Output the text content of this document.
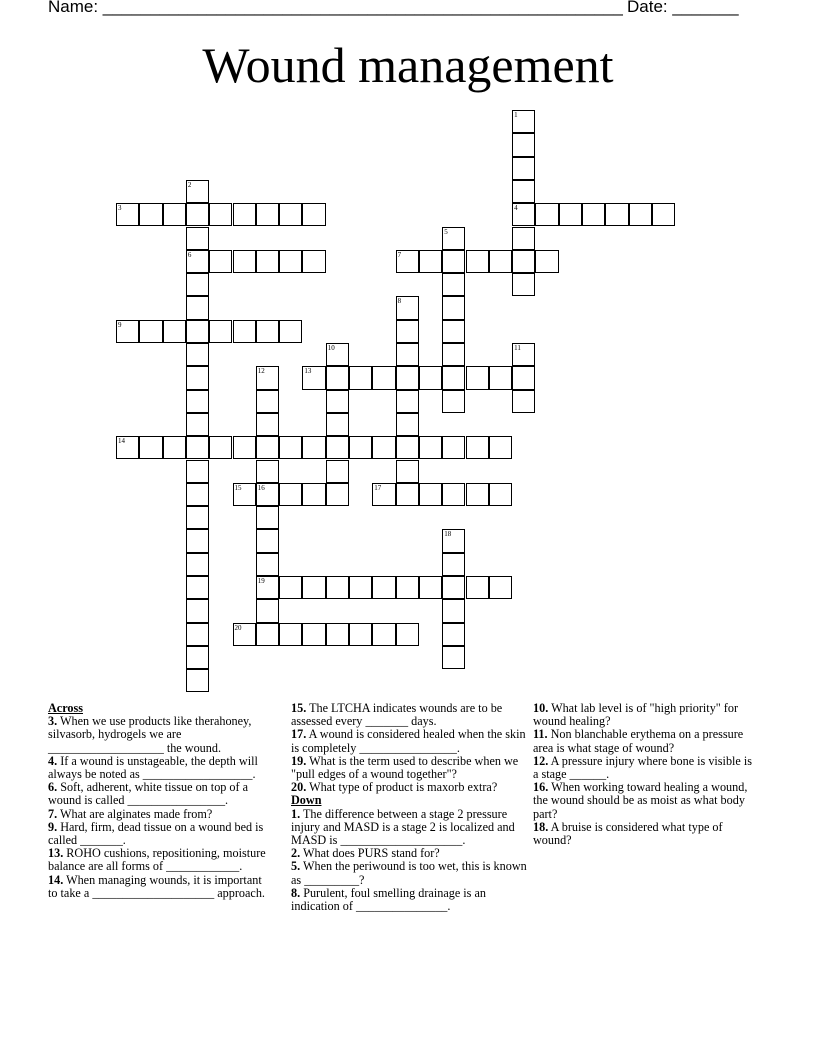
Name: _______________________________________________________ Date: _______
Wound management
1
4
2
6
3
5
7
8
9
10	11
12	13
14
15 16
19
17
18
20
Across

3. When we use products like therahoney, silvasorb, hydrogels we are ___________________ the wound.

4. If a wound is unstageable, the depth will always be noted as __________________.

6. Soft, adherent, white tissue on top of a wound is called ________________.

7. What are alginates made from?

9. Hard, firm, dead tissue on a wound bed is called _______.

13. ROHO cushions, repositioning, moisture balance are all forms of ____________.

14. When managing wounds, it is important to take a ____________________ approach.

15. The LTCHA indicates wounds are to be assessed every _______ days.

17. A wound is considered healed when the skin is completely ________________.

19. What is the term used to describe when we "pull edges of a wound together"?

20. What type of product is maxorb extra?

Down

1. The difference between a stage 2 pressure injury and MASD is a stage 2 is localized and MASD is ____________________.

2. What does PURS stand for?

5. When the periwound is too wet, this is known as _________?

8. Purulent, foul smelling drainage is an indication of _______________.

10. What lab level is of "high priority" for wound healing?

11. Non blanchable erythema on a pressure area is what stage of wound?

12. A pressure injury where bone is visible is a stage ______.

16. When working toward healing a wound, the wound should be as moist as what body part?

18. A bruise is considered what type of wound?
